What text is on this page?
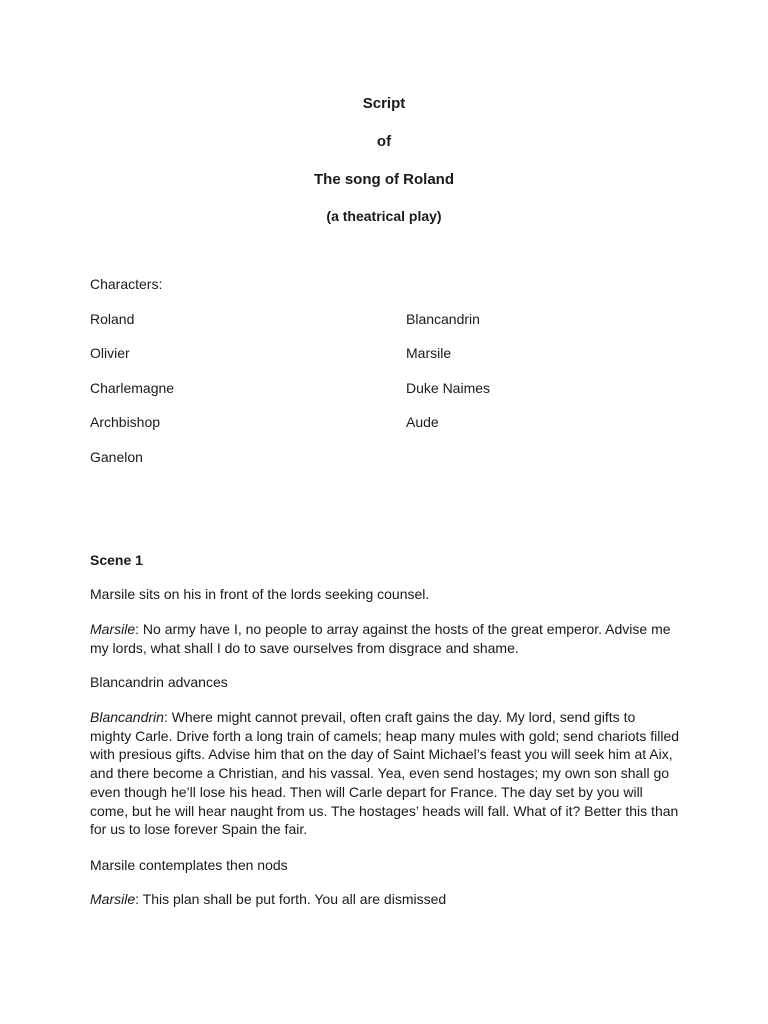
Script
of
The song of Roland
(a theatrical play)
Characters:
Roland
Olivier
Charlemagne
Archbishop
Ganelon
Blancandrin
Marsile
Duke Naimes
Aude
Scene 1
Marsile sits on his in front of the lords seeking counsel.
Marsile: No army have I, no people to array against the hosts of the great emperor. Advise me my lords, what shall I do to save ourselves from disgrace and shame.
Blancandrin advances
Blancandrin: Where might cannot prevail, often craft gains the day. My lord, send gifts to mighty Carle. Drive forth a long train of camels; heap many mules with gold; send chariots filled with presious gifts. Advise him that on the day of Saint Michael’s feast you will seek him at Aix, and there become a Christian, and his vassal. Yea, even send hostages; my own son shall go even though he’ll lose his head. Then will Carle depart for France. The day set by you will come, but he will hear naught from us. The hostages’ heads will fall. What of it? Better this than for us to lose forever Spain the fair.
Marsile contemplates then nods
Marsile: This plan shall be put forth. You all are dismissed
